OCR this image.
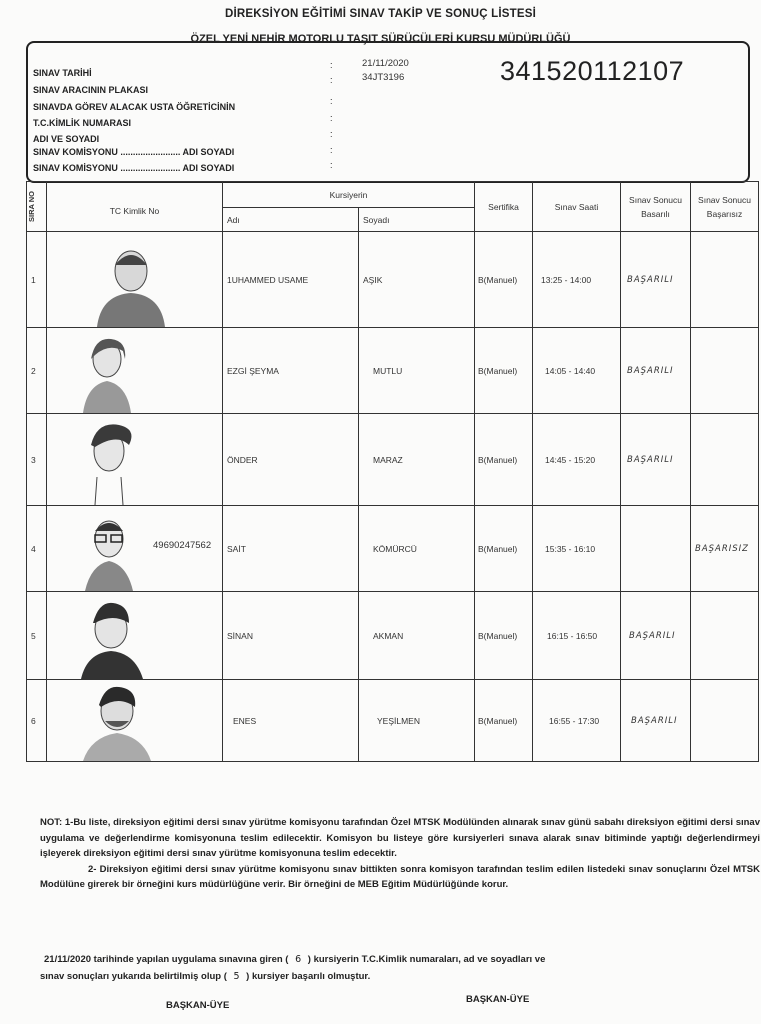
DİREKSİYON EĞİTİMİ SINAV TAKİP VE SONUÇ LİSTESİ
ÖZEL YENİ NEHİR MOTORLU TAŞIT SÜRÜCÜLERİ KURSU MÜDÜRLÜĞÜ
SINAV TARİHİ
:	21/11/2020
SINAV ARACININ PLAKASI
:	34JT3196
SINAVDA GÖREV ALACAK USTA ÖĞRETİCİNİN
:
T.C.KİMLİK NUMARASI	:
ADI VE SOYADI	:
SINAV KOMİSYONU ........................ ADI SOYADI	:
SINAV KOMİSYONU ........................ ADI SOYADI	:
341520112107
SIRA NO	TC Kimlik No	Kursiyerin		Sertifika	Sınav Saati	Sınav Sonucu Basarılı	Sınav Sonucu Başarısız
		Adı	Soyadı				
1		1UHAMMED USAME	AŞIK	B(Manuel)	13:25 - 14:00	BAŞARILI	
2		EZGİ ŞEYMA	MUTLU	B(Manuel)	14:05 - 14:40	BAŞARILI	
3		ÖNDER	MARAZ	B(Manuel)	14:45 - 15:20	BAŞARILI	
4	49690247562	SAİT	KÖMÜRCÜ	B(Manuel)	15:35 - 16:10		BAŞARISIZ
5		SİNAN	AKMAN	B(Manuel)	16:15 - 16:50	BAŞARILI	
6		ENES	YEŞİLMEN	B(Manuel)	16:55 - 17:30	BAŞARILI	
NOT: 1-Bu liste, direksiyon eğitimi dersi sınav yürütme komisyonu tarafından Özel MTSK Modülünden alınarak sınav günü sabahı direksiyon eğitimi dersi sınav uygulama ve değerlendirme komisyonuna teslim edilecektir. Komisyon bu listeye göre kursiyerleri sınava alarak sınav bitiminde yaptığı değerlendirmeyi işleyerek direksiyon eğitimi dersi sınav yürütme komisyonuna teslim edecektir.
2- Direksiyon eğitimi dersi sınav yürütme komisyonu sınav bittikten sonra komisyon tarafından teslim edilen listedeki sınav sonuçlarını Özel MTSK Modülüne girerek bir örneğini kurs müdürlüğüne verir. Bir örneğini de MEB Eğitim Müdürlüğünde korur.
21/11/2020 tarihinde yapılan uygulama sınavına giren ( 6 ) kursiyerin T.C.Kimlik numaraları, ad ve soyadları ve
sınav sonuçları yukarıda belirtilmiş olup ( 5 ) kursiyer başarılı olmuştur.
BAŞKAN-ÜYE
BAŞKAN-ÜYE
